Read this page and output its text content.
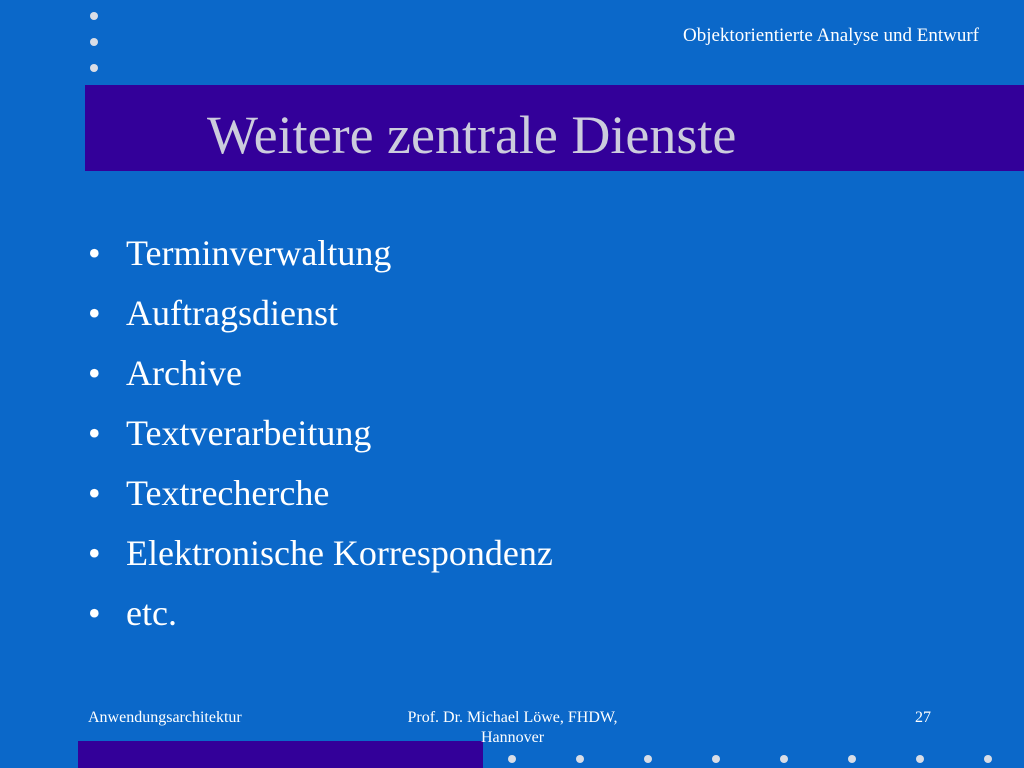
Objektorientierte Analyse und Entwurf
Weitere zentrale Dienste
• Terminverwaltung
• Auftragsdienst
• Archive
• Textverarbeitung
• Textrecherche
• Elektronische Korrespondenz
• etc.
Anwendungsarchitektur	Prof. Dr. Michael Löwe, FHDW, Hannover
27
